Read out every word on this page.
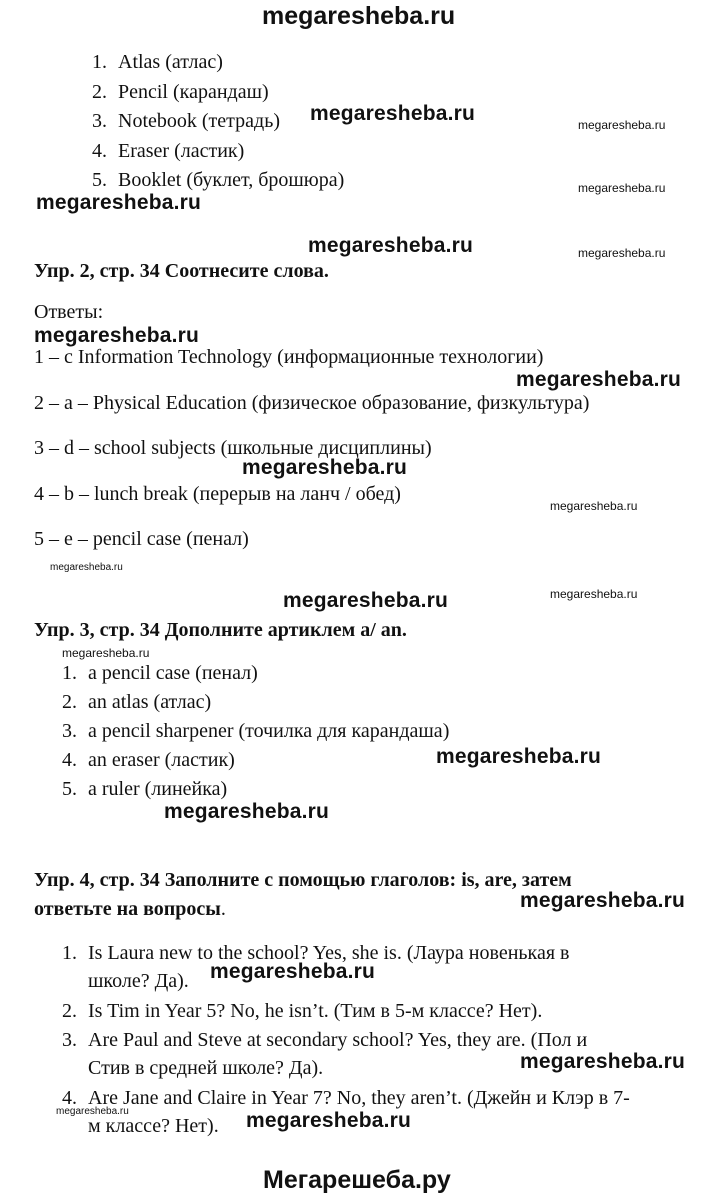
megaresheba.ru
1. Atlas (атлас)
2. Pencil (карандаш)
3. Notebook (тетрадь)
4. Eraser (ластик)
5. Booklet (буклет, брошюра)
Упр. 2, стр. 34 Соотнесите слова.
Ответы:
1 – c Information Technology (информационные технологии)
2 – a – Physical Education (физическое образование, физкультура)
3 – d – school subjects (школьные дисциплины)
4 – b – lunch break (перерыв на ланч / обед)
5 – e – pencil case (пенал)
Упр. 3, стр. 34 Дополните артиклем a/ an.
1. a pencil case (пенал)
2. an atlas (атлас)
3. a pencil sharpener (точилка для карандаша)
4. an eraser (ластик)
5. a ruler (линейка)
Упр. 4, стр. 34 Заполните с помощью глаголов: is, are, затем
ответьте на вопросы.
1. Is Laura new to the school? Yes, she is. (Лаура новенькая в
школе? Да).
2. Is Tim in Year 5? No, he isn’t. (Тим в 5-м классе? Нет).
3. Are Paul and Steve at secondary school? Yes, they are. (Пол и
Стив в средней школе? Да).
4. Are Jane and Claire in Year 7? No, they aren’t. (Джейн и Клэр в 7-
м классе? Нет).
megaresheba.ru
megaresheba.ru
megaresheba.ru
megaresheba.ru
megaresheba.ru
megaresheba.ru
megaresheba.ru
megaresheba.ru
megaresheba.ru
megaresheba.ru
megaresheba.ru
megaresheba.ru
megaresheba.ru
megaresheba.ru
megaresheba.ru
megaresheba.ru
megaresheba.ru
megaresheba.ru
megaresheba.ru
megaresheba.ru
megaresheba.ru
Мегарешеба.ру
